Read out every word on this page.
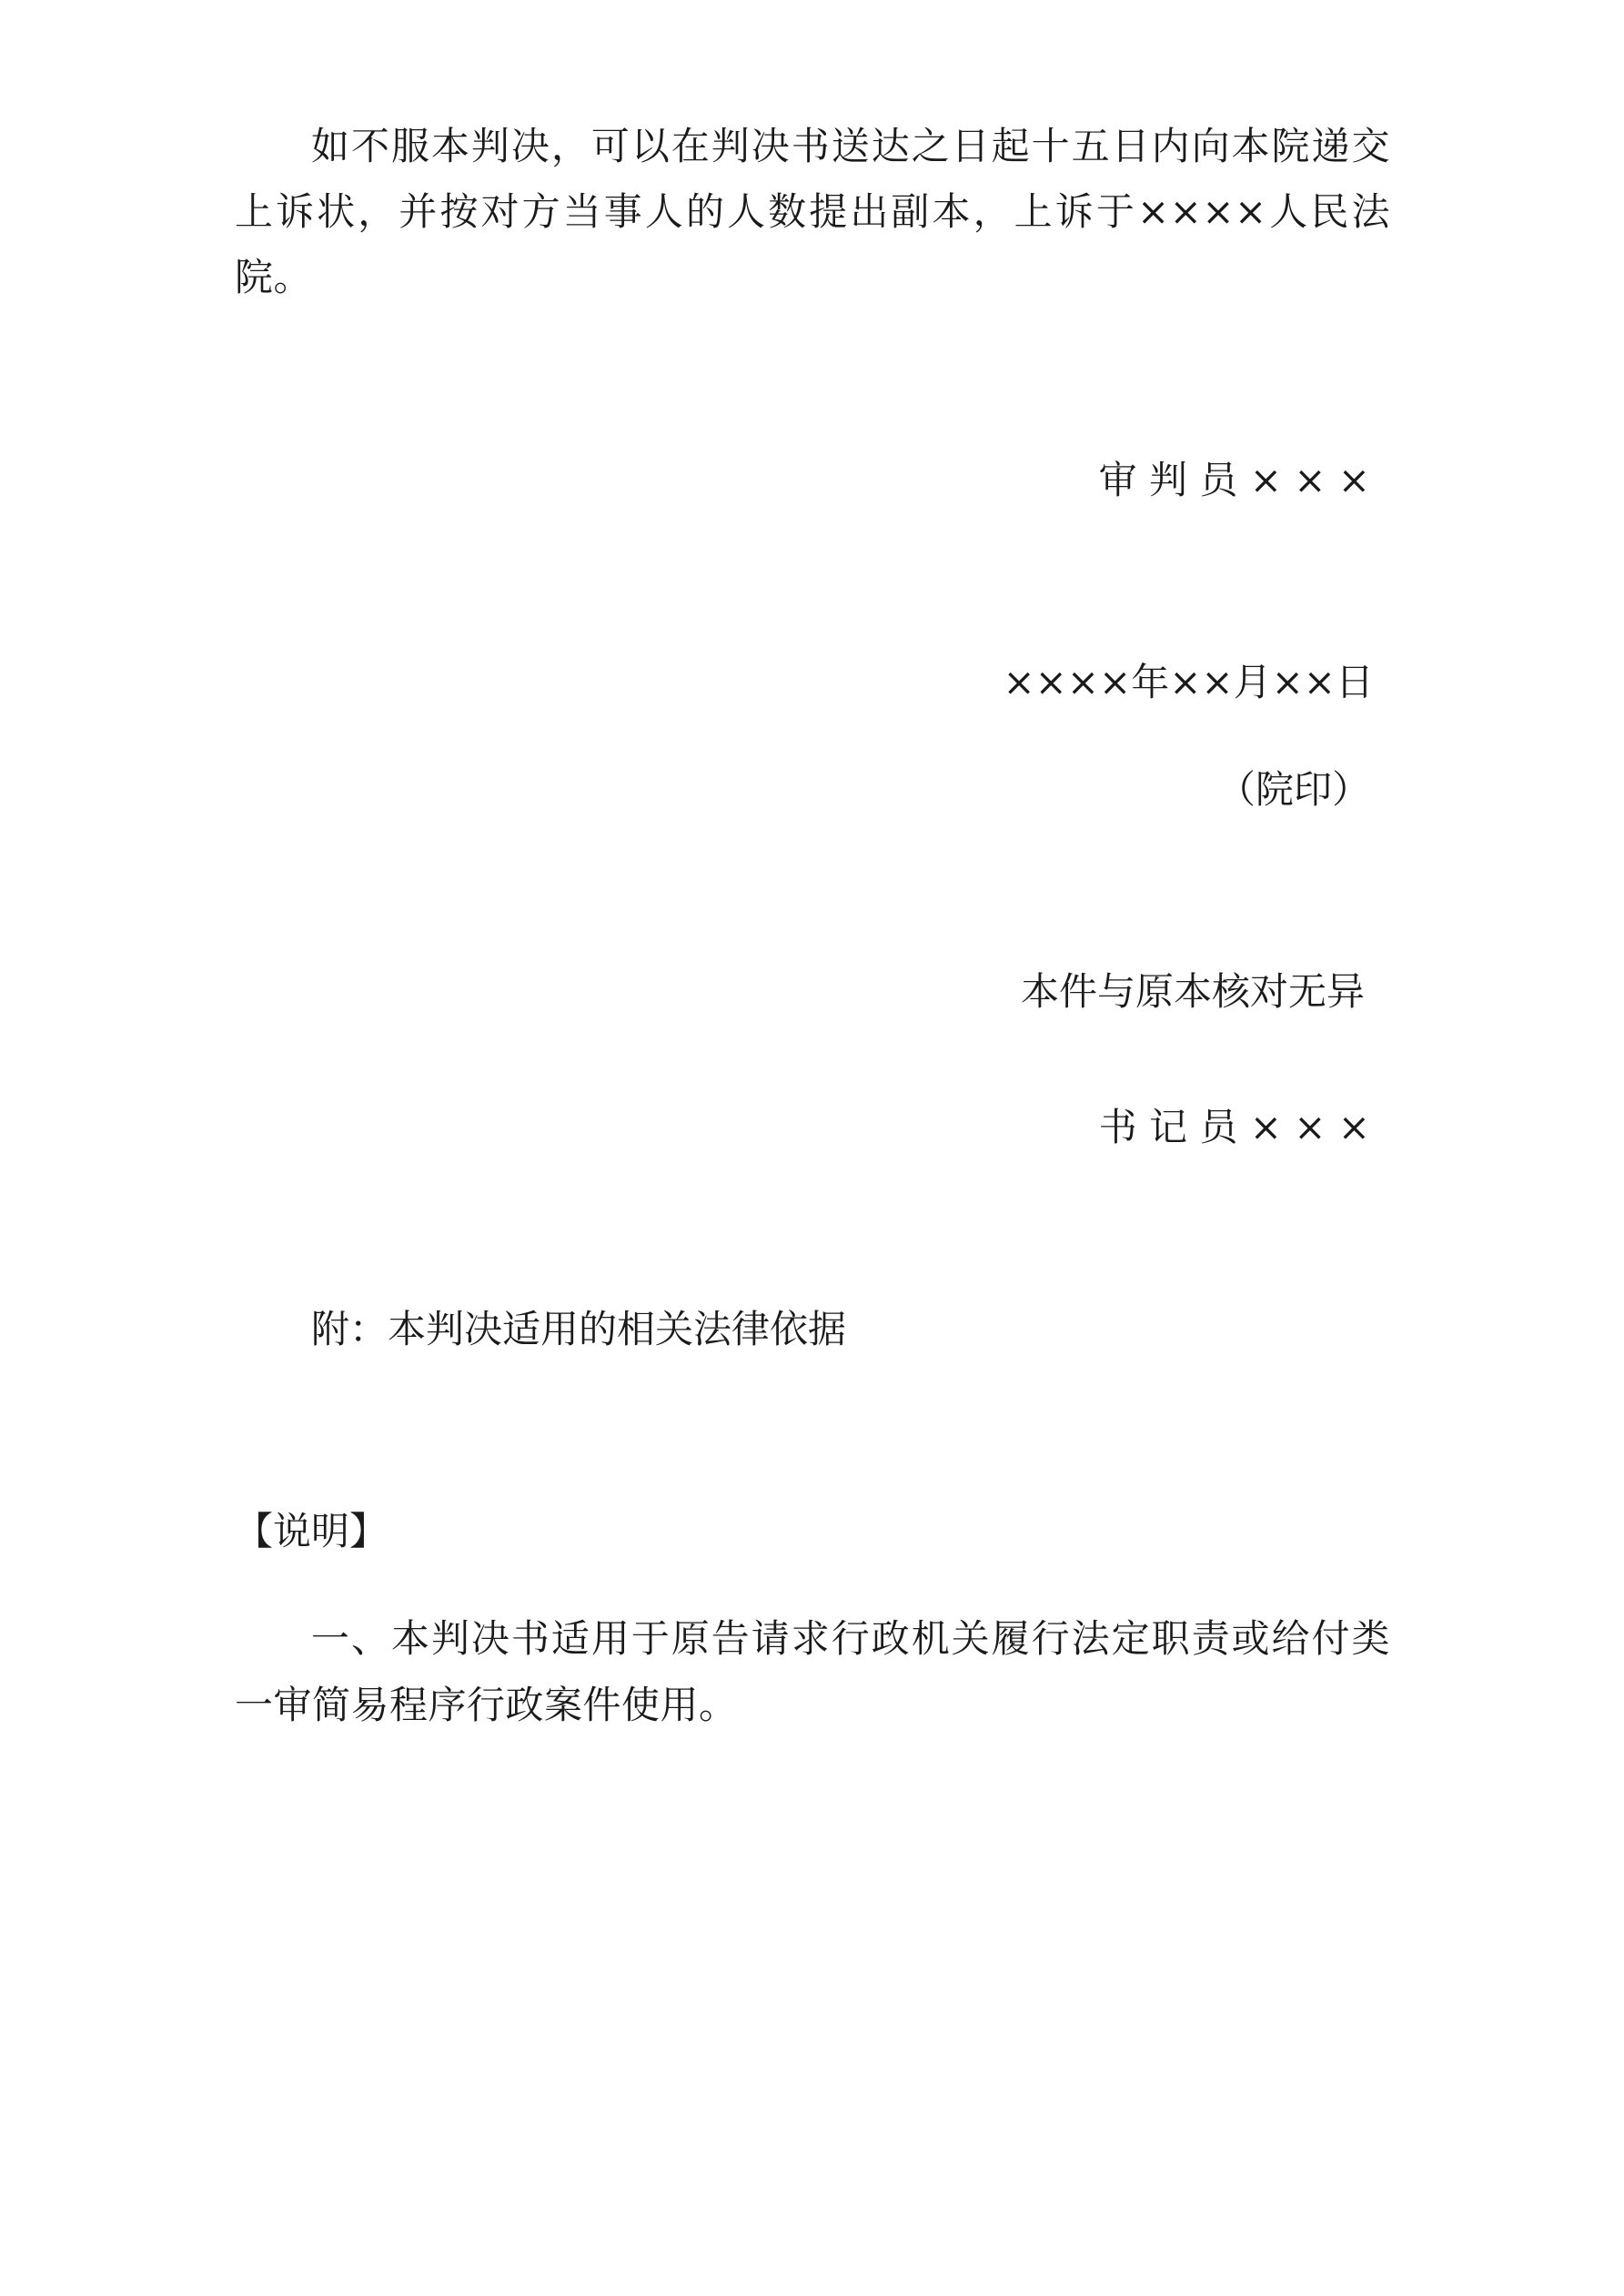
如不服本判决，可以在判决书送达之日起十五日内向本院递交上诉状，并按对方当事人的人数提出副本，上诉于××××人民法院。

审 判 员 × × ×

××××年××月××日

（院印）

本件与原本核对无异

书 记 员 × × ×

附：本判决适用的相关法律依据

【说明】

一、本判决书适用于原告请求行政机关履行法定职责或给付类一审简易程序行政案件使用。
